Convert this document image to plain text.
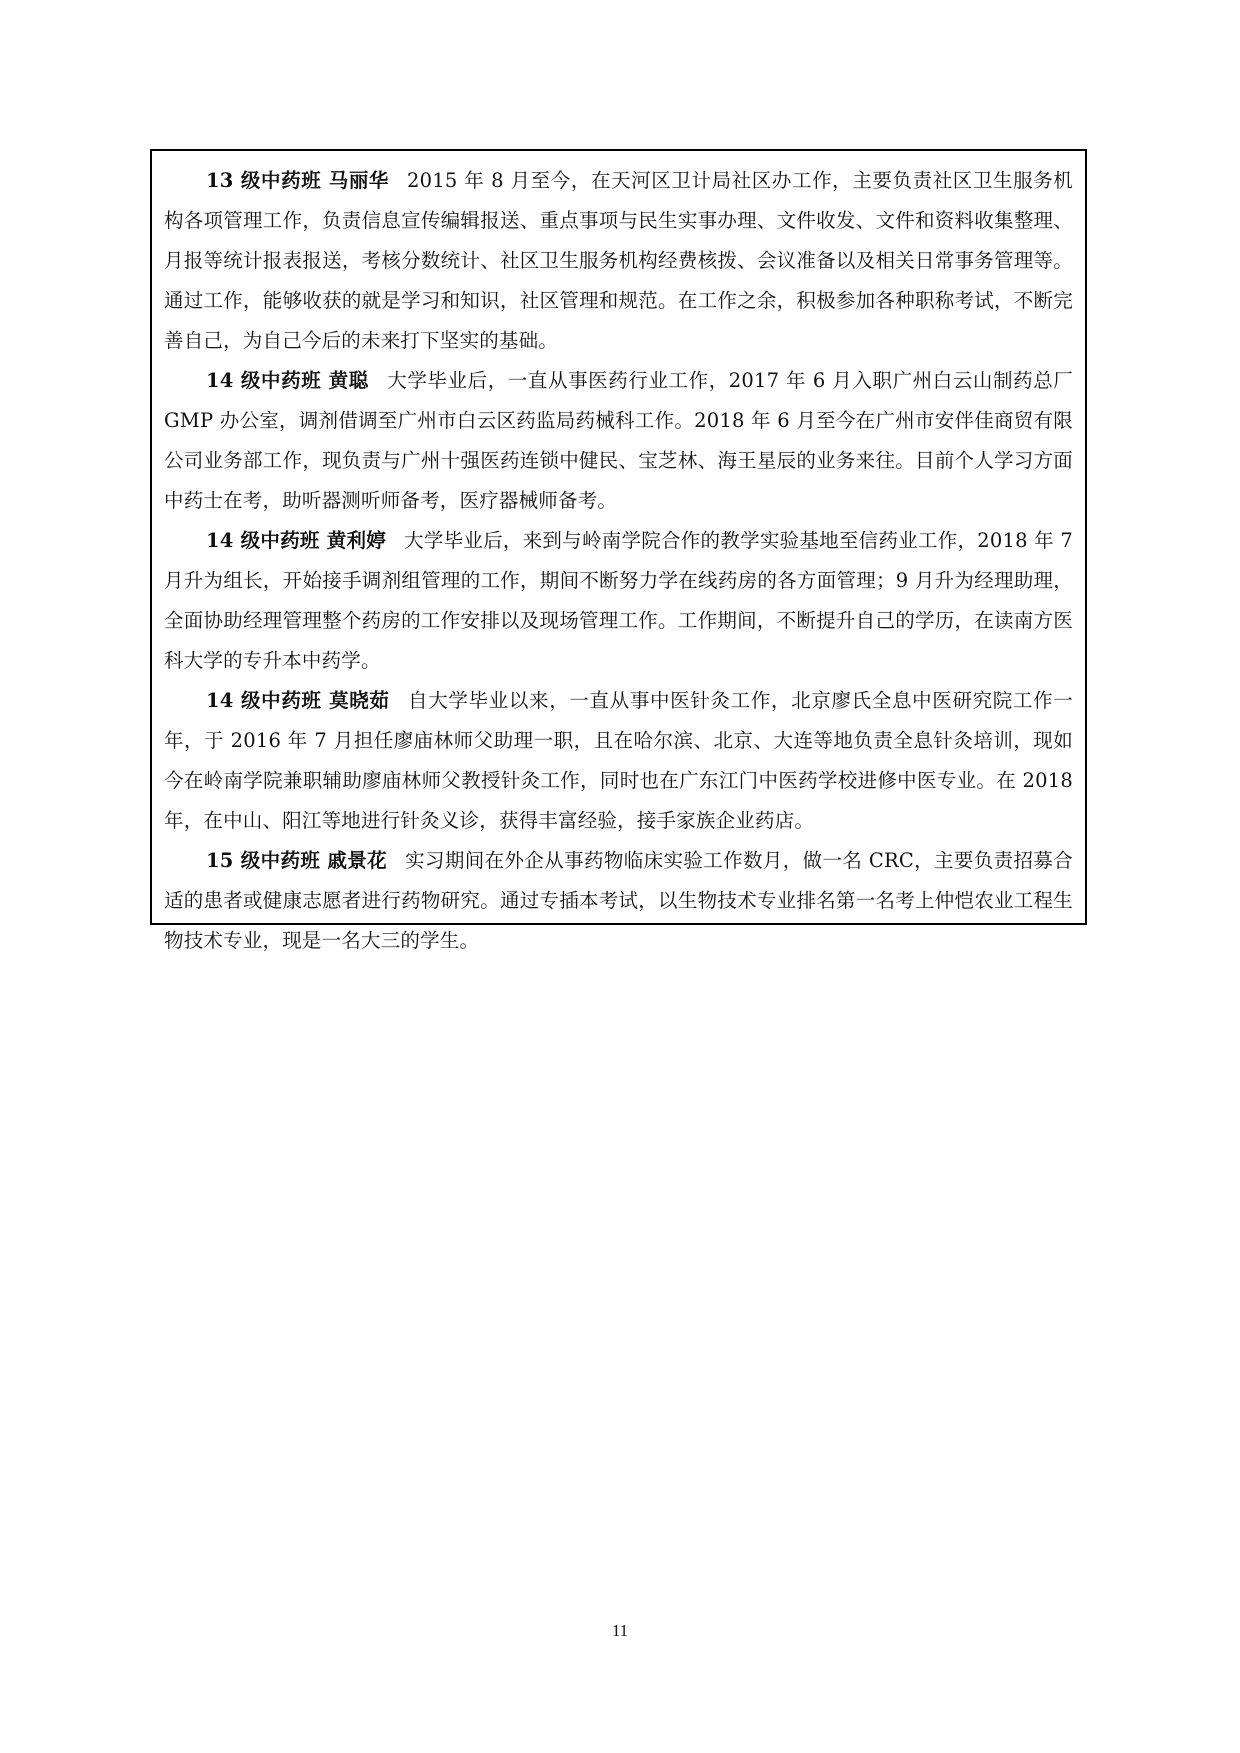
13 级中药班 马丽华 2015 年 8 月至今，在天河区卫计局社区办工作，主要负责社区卫生服务机构各项管理工作，负责信息宣传编辑报送、重点事项与民生实事办理、文件收发、文件和资料收集整理、月报等统计报表报送，考核分数统计、社区卫生服务机构经费核拨、会议准备以及相关日常事务管理等。通过工作，能够收获的就是学习和知识，社区管理和规范。在工作之余，积极参加各种职称考试，不断完善自己，为自己今后的未来打下坚实的基础。

14 级中药班 黄聪 大学毕业后，一直从事医药行业工作，2017 年 6 月入职广州白云山制药总厂 GMP 办公室，调剂借调至广州市白云区药监局药械科工作。2018 年 6 月至今在广州市安伴佳商贸有限公司业务部工作，现负责与广州十强医药连锁中健民、宝芝林、海王星辰的业务来往。目前个人学习方面中药士在考，助听器测听师备考，医疗器械师备考。

14 级中药班 黄利婷 大学毕业后，来到与岭南学院合作的教学实验基地至信药业工作，2018 年 7 月升为组长，开始接手调剂组管理的工作，期间不断努力学在线药房的各方面管理；9 月升为经理助理，全面协助经理管理整个药房的工作安排以及现场管理工作。工作期间，不断提升自己的学历，在读南方医科大学的专升本中药学。

14 级中药班 莫晓茹 自大学毕业以来，一直从事中医针灸工作，北京廖氏全息中医研究院工作一年，于 2016 年 7 月担任廖庙林师父助理一职，且在哈尔滨、北京、大连等地负责全息针灸培训，现如今在岭南学院兼职辅助廖庙林师父教授针灸工作，同时也在广东江门中医药学校进修中医专业。在 2018 年，在中山、阳江等地进行针灸义诊，获得丰富经验，接手家族企业药店。

15 级中药班 戚景花 实习期间在外企从事药物临床实验工作数月，做一名 CRC，主要负责招募合适的患者或健康志愿者进行药物研究。通过专插本考试，以生物技术专业排名第一名考上仲恺农业工程生物技术专业，现是一名大三的学生。

11
